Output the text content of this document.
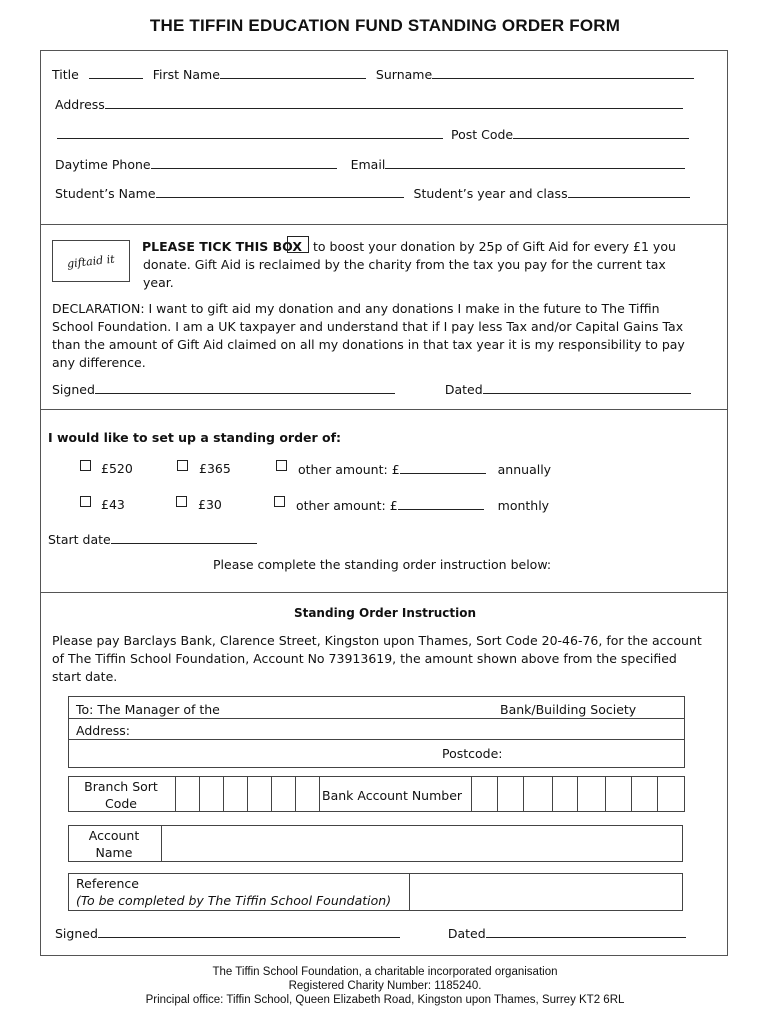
THE TIFFIN EDUCATION FUND STANDING ORDER FORM
Title	First Name	Surname
Address
Post Code
Daytime Phone	Email
Student’s Name	Student’s year and class
giftaid it
PLEASE TICK THIS BOX to boost your donation by 25p of Gift Aid for every £1 you
donate. Gift Aid is reclaimed by the charity from the tax you pay for the current tax
year.
DECLARATION: I want to gift aid my donation and any donations I make in the future to The Tiffin School Foundation. I am a UK taxpayer and understand that if I pay less Tax and/or Capital Gains Tax than the amount of Gift Aid claimed on all my donations in that tax year it is my responsibility to pay any difference.
Signed	Dated
I would like to set up a standing order of:
£520	£365	other amount: £	annually
£43	£30	other amount: £	monthly
Start date
Please complete the standing order instruction below:
Standing Order Instruction
Please pay Barclays Bank, Clarence Street, Kingston upon Thames, Sort Code 20-46-76, for the account of The Tiffin School Foundation, Account No 73913619, the amount shown above from the specified start date.
To: The Manager of the	Bank/Building Society
Address:
Postcode:
Branch Sort
Code
Bank Account Number
Account
Name
Reference
(To be completed by The Tiffin School Foundation)
Signed	Dated
The Tiffin School Foundation, a charitable incorporated organisation
Registered Charity Number: 1185240.
Principal office: Tiffin School, Queen Elizabeth Road, Kingston upon Thames, Surrey KT2 6RL
